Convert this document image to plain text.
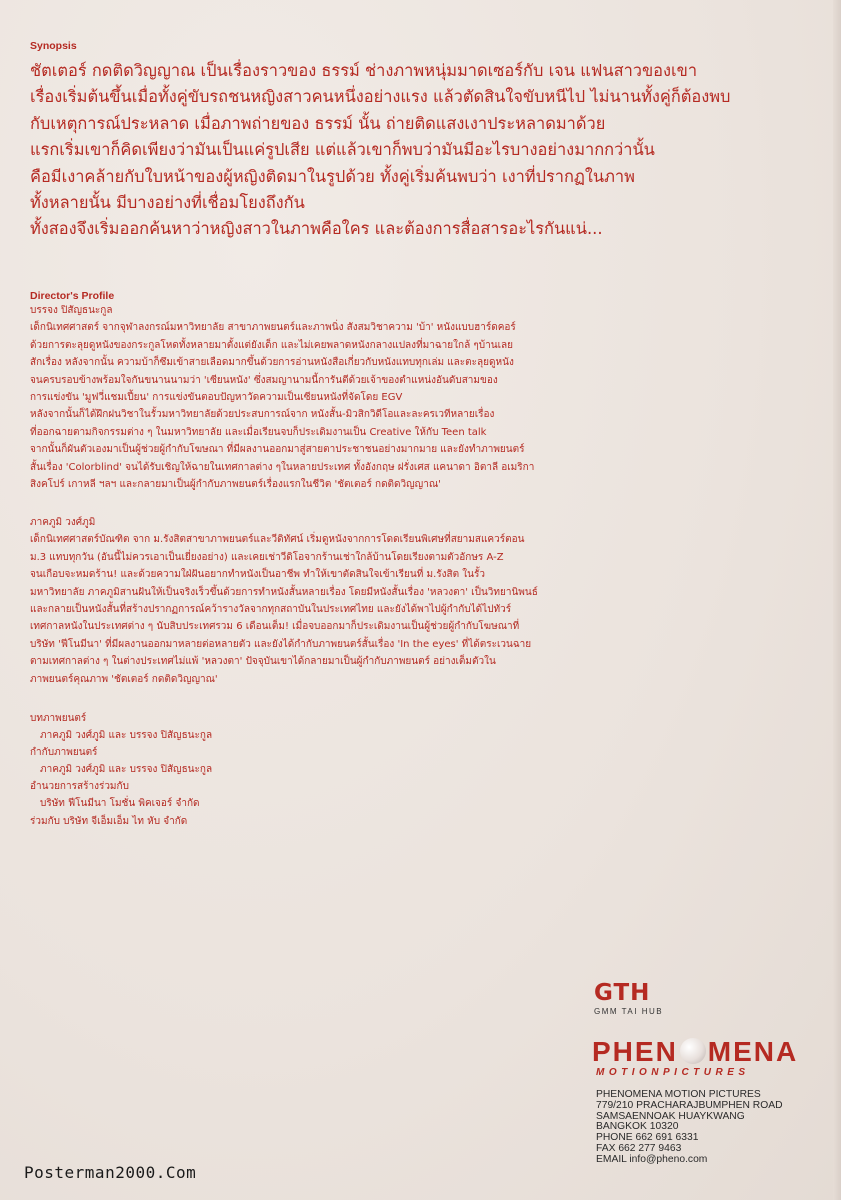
Synopsis
ชัตเตอร์ กดติดวิญญาณ เป็นเรื่องราวของ ธรรม์ ช่างภาพหนุ่มมาดเซอร์กับ เจน แฟนสาวของเขา
เรื่องเริ่มต้นขึ้นเมื่อทั้งคู่ขับรถชนหญิงสาวคนหนึ่งอย่างแรง แล้วตัดสินใจขับหนีไป ไม่นานทั้งคู่ก็ต้องพบ
กับเหตุการณ์ประหลาด เมื่อภาพถ่ายของ ธรรม์ นั้น ถ่ายติดแสงเงาประหลาดมาด้วย
แรกเริ่มเขาก็คิดเพียงว่ามันเป็นแค่รูปเสีย แต่แล้วเขาก็พบว่ามันมีอะไรบางอย่างมากกว่านั้น
คือมีเงาคล้ายกับใบหน้าของผู้หญิงติดมาในรูปด้วย ทั้งคู่เริ่มค้นพบว่า เงาที่ปรากฏในภาพ
ทั้งหลายนั้น มีบางอย่างที่เชื่อมโยงถึงกัน
ทั้งสองจึงเริ่มออกค้นหาว่าหญิงสาวในภาพคือใคร และต้องการสื่อสารอะไรกันแน่...
Director's Profile
บรรจง ปิสัญธนะกูล
เด็กนิเทศศาสตร์ จากจุฬาลงกรณ์มหาวิทยาลัย สาขาภาพยนตร์และภาพนิ่ง สังสมวิชาความ 'บ้า' หนังแบบฮาร์ดคอร์
ด้วยการตะลุยดูหนังของกระกูลโหดทั้งหลายมาตั้งแต่ยังเด็ก และไม่เคยพลาดหนังกลางแปลงที่มาฉายใกล้ ๆบ้านเลย
สักเรื่อง หลังจากนั้น ความบ้าก็ซึมเข้าสายเลือดมากขึ้นด้วยการอ่านหนังสือเกี่ยวกับหนังแทบทุกเล่ม และตะลุยดูหนัง
จนครบรอบข้างพร้อมใจกันขนานนามว่า 'เซียนหนัง' ซึ่งสมญานามนี้การันตีด้วยเจ้าของตำแหน่งอันดับสามของ
การแข่งขัน 'มูฟวี่แชมเปี้ยน' การแข่งขันตอบปัญหาวัดความเป็นเซียนหนังที่จัดโดย EGV
หลังจากนั้นก็ได้ฝึกฝนวิชาในรั้วมหาวิทยาลัยด้วยประสบการณ์จาก หนังสั้น-มิวสิกวิดีโอและละครเวทีหลายเรื่อง
ที่ออกฉายตามกิจกรรมต่าง ๆ ในมหาวิทยาลัย และเมื่อเรียนจบก็ประเดิมงานเป็น Creative ให้กับ Teen talk
จากนั้นก็ผันตัวเองมาเป็นผู้ช่วยผู้กำกับโฆษณา ที่มีผลงานออกมาสู่สายตาประชาชนอย่างมากมาย และยังทำภาพยนตร์
สั้นเรื่อง 'Colorblind' จนได้รับเชิญให้ฉายในเทศกาลต่าง ๆในหลายประเทศ ทั้งอังกฤษ ฝรั่งเศส แคนาดา อิตาลี อเมริกา
สิงคโปร์ เกาหลี ฯลฯ และกลายมาเป็นผู้กำกับภาพยนตร์เรื่องแรกในชีวิต 'ชัตเตอร์ กดติดวิญญาณ'
ภาคภูมิ วงศ์ภูมิ
เด็กนิเทศศาสตร์บัณฑิต จาก ม.รังสิตสาขาภาพยนตร์และวีดิทัศน์ เริ่มดูหนังจากการโดดเรียนพิเศษที่สยามสแควร์ตอน
ม.3 แทบทุกวัน (อันนี้ไม่ควรเอาเป็นเยี่ยงอย่าง) และเคยเช่าวีดิโอจากร้านเช่าใกล้บ้านโดยเรียงตามตัวอักษร A-Z
จนเกือบจะหมดร้าน! และด้วยความใฝ่ฝันอยากทำหนังเป็นอาชีพ ทำให้เขาตัดสินใจเข้าเรียนที่ ม.รังสิต ในรั้ว
มหาวิทยาลัย ภาคภูมิสานฝันให้เป็นจริงเร็วขึ้นด้วยการทำหนังสั้นหลายเรื่อง โดยมีหนังสั้นเรื่อง 'หลวงตา' เป็นวิทยานิพนธ์
และกลายเป็นหนังสั้นที่สร้างปรากฏการณ์คว้ารางวัลจากทุกสถาบันในประเทศไทย และยังได้พาไปผู้กำกับได้ไปทัวร์
เทศกาลหนังในประเทศต่าง ๆ นับสิบประเทศรวม 6 เดือนเต็ม! เมื่อจบออกมาก็ประเดิมงานเป็นผู้ช่วยผู้กำกับโฆษณาที่
บริษัท 'ฟีโนมีนา' ที่มีผลงานออกมาหลายต่อหลายตัว และยังได้กำกับภาพยนตร์สั้นเรื่อง 'In the eyes' ที่ได้ตระเวนฉาย
ตามเทศกาลต่าง ๆ ในต่างประเทศไม่แพ้ 'หลวงตา' ปัจจุบันเขาได้กลายมาเป็นผู้กำกับภาพยนตร์ อย่างเต็มตัวใน
ภาพยนตร์คุณภาพ 'ชัตเตอร์ กดติดวิญญาณ'
บทภาพยนตร์
ภาคภูมิ วงศ์ภูมิ และ บรรจง ปิสัญธนะกูล
กำกับภาพยนตร์
ภาคภูมิ วงศ์ภูมิ และ บรรจง ปิสัญธนะกูล
อำนวยการสร้างร่วมกับ
บริษัท ฟีโนมีนา โมชั่น พิคเจอร์ จำกัด
ร่วมกับ บริษัท จีเอ็มเอ็ม ไท หับ จำกัด
GTH
GMM TAI HUB
PHEN MENA
MOTIONPICTURES
PHENOMENA MOTION PICTURES
779/210 PRACHARAJBUMPHEN ROAD
SAMSAENNOAK HUAYKWANG
BANGKOK 10320
PHONE 662 691 6331
FAX 662 277 9463
EMAIL info@pheno.com
Posterman2000.Com
